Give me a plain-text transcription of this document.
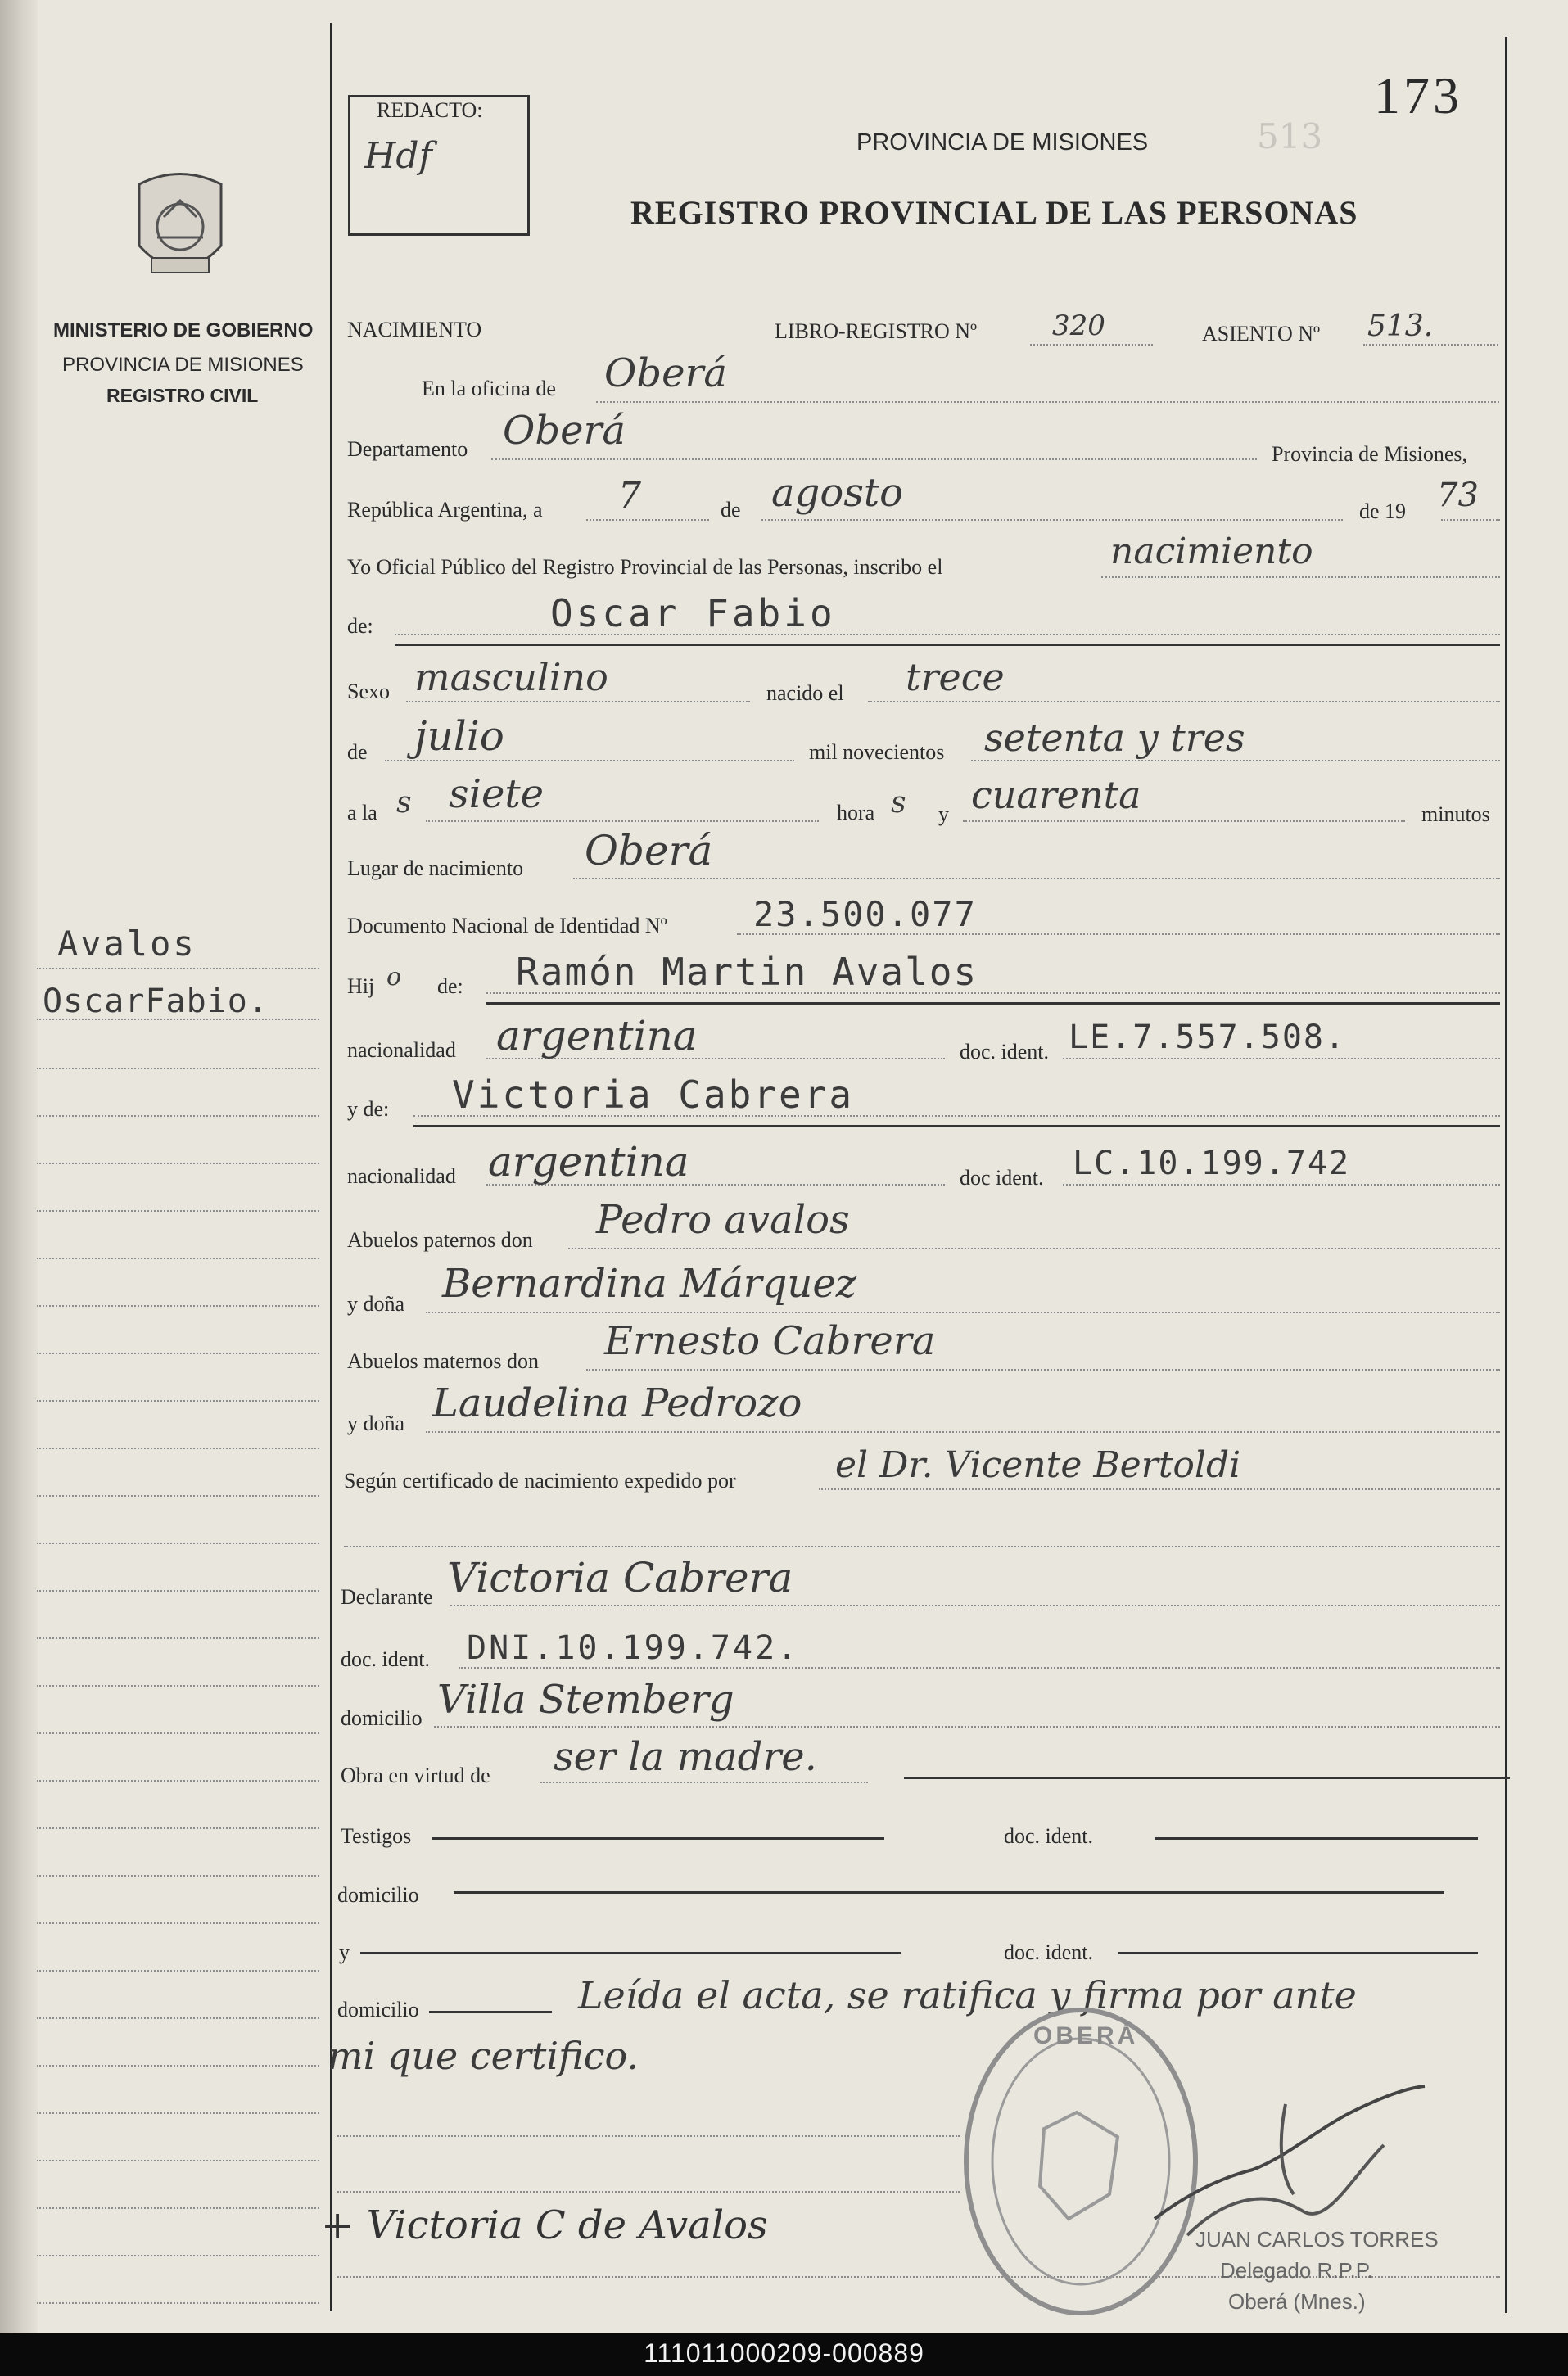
MINISTERIO DE GOBIERNO
PROVINCIA DE MISIONES
REGISTRO CIVIL
Avalos
OscarFabio.
REDACTO:
Hdf
173
PROVINCIA DE MISIONES	513
REGISTRO PROVINCIAL DE LAS PERSONAS
NACIMIENTO	LIBRO-REGISTRO Nº	320	ASIENTO Nº 513.
En la oficina de Oberá
Departamento Oberá
Provincia de Misiones,
República Argentina, a 7	de agosto	de 19 73
Yo Oficial Público del Registro Provincial de las Personas, inscribo el	nacimiento
de:	Oscar Fabio
Sexo masculino	nacido el trece
de julio	mil novecientos setenta y tres
a la s siete	hora s y cuarenta	minutos
Lugar de nacimiento Oberá
Documento Nacional de Identidad Nº	23.500.077
Hij o de: Ramón Martin Avalos
nacionalidad argentina	doc. ident. LE.7.557.508.
y de: Victoria Cabrera
nacionalidad argentina	doc ident. LC.10.199.742
Abuelos paternos don Pedro avalos
y doña Bernardina Márquez
Abuelos maternos don Ernesto Cabrera
y doña Laudelina Pedrozo
Según certificado de nacimiento expedido por	el Dr. Vicente Bertoldi
Declarante Victoria Cabrera
doc. ident. DNI.10.199.742.
domicilio Villa Stemberg
Obra en virtud de ser la madre.
Testigos	doc. ident.
domicilio
y	doc. ident.
domicilio	Leída el acta, se ratifica y firma por ante
mi que certifico.	OBERÁ
JUAN CARLOS TORRES
Delegado R.P.P.
Oberá (Mnes.)
+ Victoria C de Avalos
111011000209-000889
